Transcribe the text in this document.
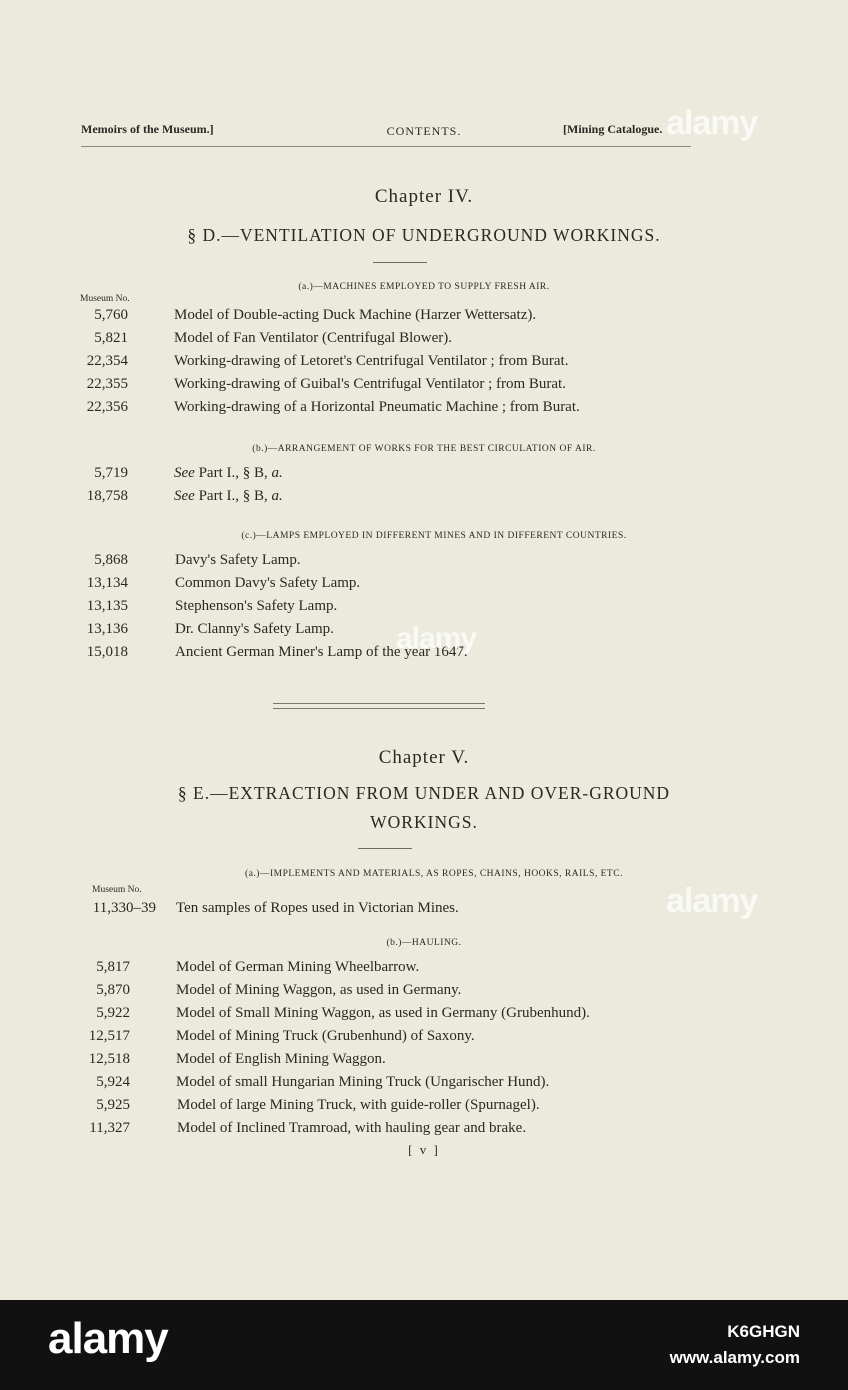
Memoirs of the Museum.]	CONTENTS.	[Mining Catalogue.
Chapter IV.
§ D.—VENTILATION OF UNDERGROUND WORKINGS.
(a.)—MACHINES EMPLOYED TO SUPPLY FRESH AIR.
Museum No.
5,760	Model of Double-acting Duck Machine (Harzer Wettersatz).
5,821	Model of Fan Ventilator (Centrifugal Blower).
22,354	Working-drawing of Letoret's Centrifugal Ventilator ; from Burat.
22,355	Working-drawing of Guibal's Centrifugal Ventilator ; from Burat.
22,356	Working-drawing of a Horizontal Pneumatic Machine ; from Burat.
(b.)—ARRANGEMENT OF WORKS FOR THE BEST CIRCULATION OF AIR.
5,719	See Part I., § B, a.
18,758	See Part I., § B, a.
(c.)—LAMPS EMPLOYED IN DIFFERENT MINES AND IN DIFFERENT COUNTRIES.
5,868	Davy's Safety Lamp.
13,134	Common Davy's Safety Lamp.
13,135	Stephenson's Safety Lamp.
13,136	Dr. Clanny's Safety Lamp.
15,018	Ancient German Miner's Lamp of the year 1647.
Chapter V.
§ E.—EXTRACTION FROM UNDER AND OVER-GROUND
WORKINGS.
(a.)—IMPLEMENTS AND MATERIALS, AS ROPES, CHAINS, HOOKS, RAILS, ETC.
Museum No.
11,330–39 Ten samples of Ropes used in Victorian Mines.
(b.)—HAULING.
5,817	Model of German Mining Wheelbarrow.
5,870	Model of Mining Waggon, as used in Germany.
5,922	Model of Small Mining Waggon, as used in Germany (Grubenhund).
12,517	Model of Mining Truck (Grubenhund) of Saxony.
12,518	Model of English Mining Waggon.
5,924	Model of small Hungarian Mining Truck (Ungarischer Hund).
5,925	Model of large Mining Truck, with guide-roller (Spurnagel).
11,327	Model of Inclined Tramroad, with hauling gear and brake.
[ v ]
alamy
alamy
alamy
alamy	K6GHGN
www.alamy.com
